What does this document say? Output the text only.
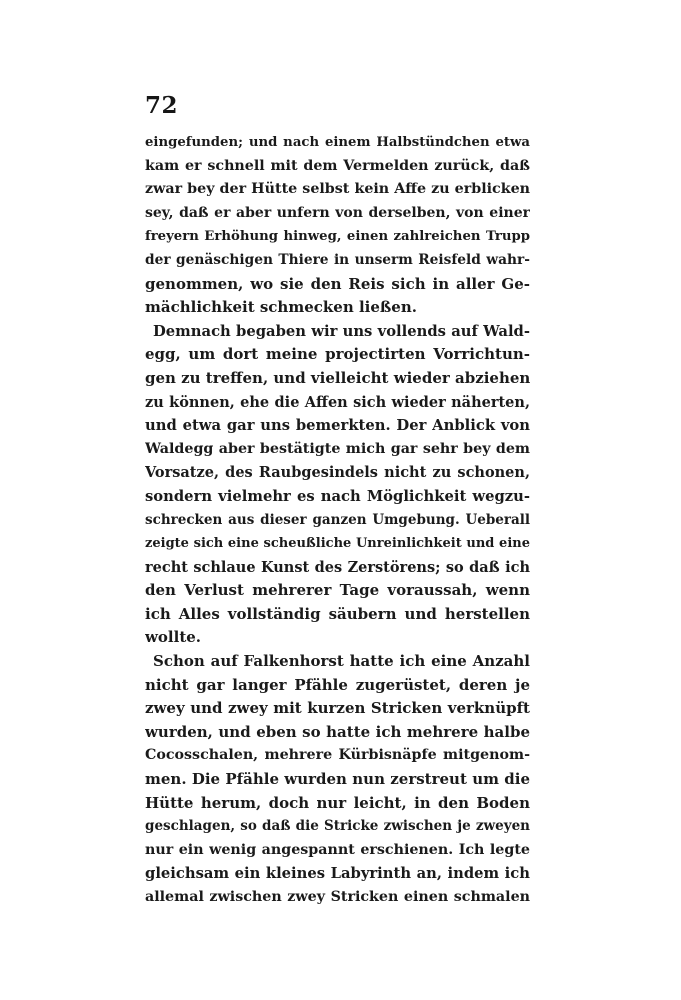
72
eingefunden; und nach einem Halbstündchen etwa
kam er schnell mit dem Vermelden zurück, daß
zwar bey der Hütte selbst kein Affe zu erblicken
sey, daß er aber unfern von derselben, von einer
freyern Erhöhung hinweg, einen zahlreichen Trupp
der genäschigen Thiere in unserm Reisfeld wahr-
genommen, wo sie den Reis sich in aller Ge-
mächlichkeit schmecken ließen.
Demnach begaben wir uns vollends auf Wald-
egg, um dort meine projectirten Vorrichtun-
gen zu treffen, und vielleicht wieder abziehen
zu können, ehe die Affen sich wieder näherten,
und etwa gar uns bemerkten. Der Anblick von
Waldegg aber bestätigte mich gar sehr bey dem
Vorsatze, des Raubgesindels nicht zu schonen,
sondern vielmehr es nach Möglichkeit wegzu-
schrecken aus dieser ganzen Umgebung. Ueberall
zeigte sich eine scheußliche Unreinlichkeit und eine
recht schlaue Kunst des Zerstörens; so daß ich
den Verlust mehrerer Tage voraussah, wenn
ich Alles vollständig säubern und herstellen
wollte.
Schon auf Falkenhorst hatte ich eine Anzahl
nicht gar langer Pfähle zugerüstet, deren je
zwey und zwey mit kurzen Stricken verknüpft
wurden, und eben so hatte ich mehrere halbe
Cocosschalen, mehrere Kürbisnäpfe mitgenom-
men. Die Pfähle wurden nun zerstreut um die
Hütte herum, doch nur leicht, in den Boden
geschlagen, so daß die Stricke zwischen je zweyen
nur ein wenig angespannt erschienen. Ich legte
gleichsam ein kleines Labyrinth an, indem ich
allemal zwischen zwey Stricken einen schmalen
